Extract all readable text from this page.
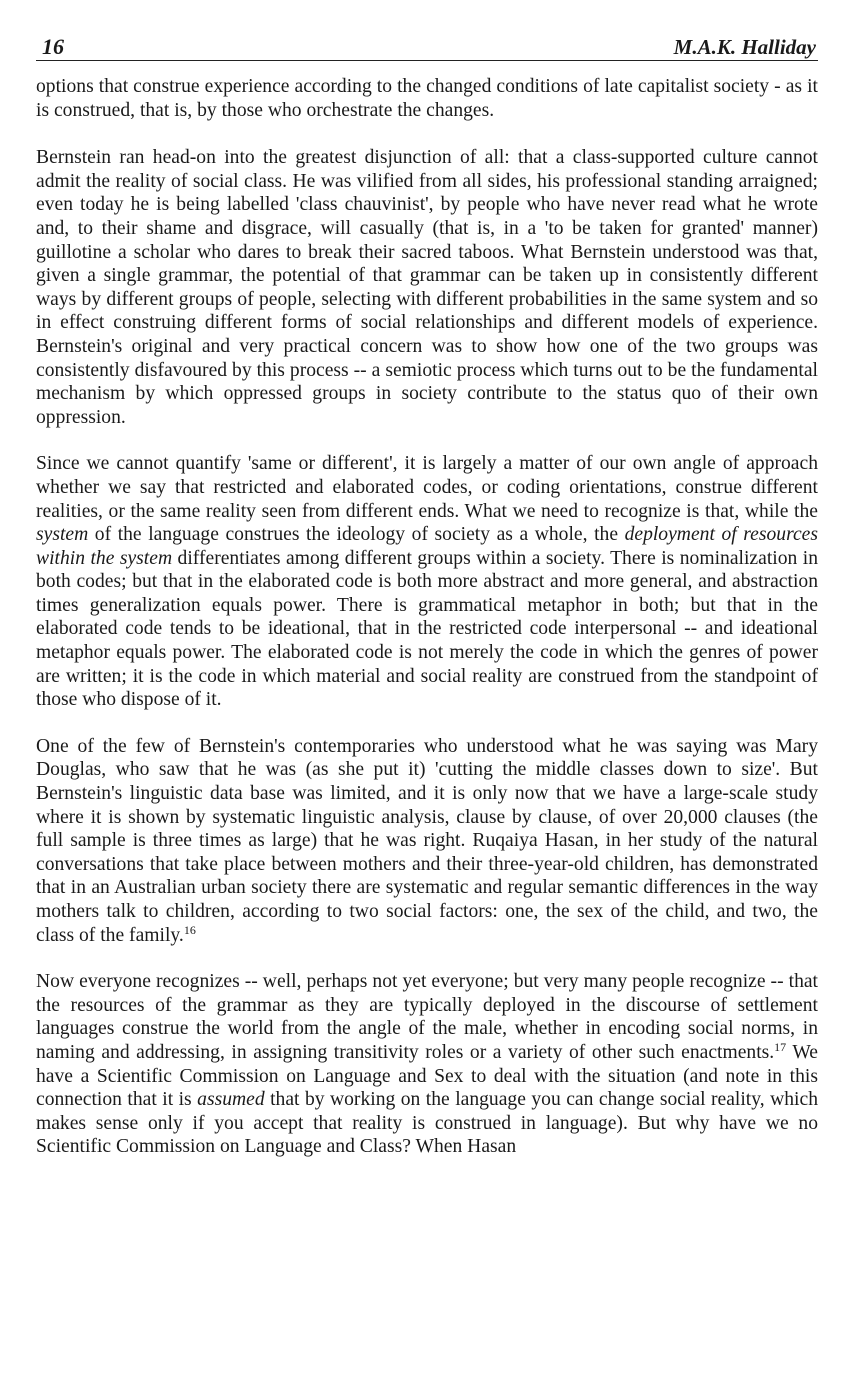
16	M.A.K. Halliday

options that construe experience according to the changed conditions of late capitalist society - as it is construed, that is, by those who orchestrate the changes.

Bernstein ran head-on into the greatest disjunction of all: that a class-supported culture cannot admit the reality of social class. He was vilified from all sides, his professional standing arraigned; even today he is being labelled 'class chauvinist', by people who have never read what he wrote and, to their shame and disgrace, will casually (that is, in a 'to be taken for granted' manner) guillotine a scholar who dares to break their sacred taboos. What Bernstein understood was that, given a single grammar, the potential of that grammar can be taken up in consistently different ways by different groups of people, selecting with different probabilities in the same system and so in effect construing different forms of social relationships and different models of experience. Bernstein's original and very practical concern was to show how one of the two groups was consistently disfavoured by this process -- a semiotic process which turns out to be the fundamental mechanism by which oppressed groups in society contribute to the status quo of their own oppression.

Since we cannot quantify 'same or different', it is largely a matter of our own angle of approach whether we say that restricted and elaborated codes, or coding orientations, construe different realities, or the same reality seen from different ends. What we need to recognize is that, while the system of the language construes the ideology of society as a whole, the deployment of resources within the system differentiates among different groups within a society. There is nominalization in both codes; but that in the elaborated code is both more abstract and more general, and abstraction times generalization equals power. There is grammatical metaphor in both; but that in the elaborated code tends to be ideational, that in the restricted code interpersonal -- and ideational metaphor equals power. The elaborated code is not merely the code in which the genres of power are written; it is the code in which material and social reality are construed from the standpoint of those who dispose of it.

One of the few of Bernstein's contemporaries who understood what he was saying was Mary Douglas, who saw that he was (as she put it) 'cutting the middle classes down to size'. But Bernstein's linguistic data base was limited, and it is only now that we have a large-scale study where it is shown by systematic linguistic analysis, clause by clause, of over 20,000 clauses (the full sample is three times as large) that he was right. Ruqaiya Hasan, in her study of the natural conversations that take place between mothers and their three-year-old children, has demonstrated that in an Australian urban society there are systematic and regular semantic differences in the way mothers talk to children, according to two social factors: one, the sex of the child, and two, the class of the family.$^{16}$

Now everyone recognizes -- well, perhaps not yet everyone; but very many people recognize -- that the resources of the grammar as they are typically deployed in the discourse of settlement languages construe the world from the angle of the male, whether in encoding social norms, in naming and addressing, in assigning transitivity roles or a variety of other such enactments.$^{17}$ We have a Scientific Commission on Language and Sex to deal with the situation (and note in this connection that it is assumed that by working on the language you can change social reality, which makes sense only if you accept that reality is construed in language). But why have we no Scientific Commission on Language and Class? When Hasan
